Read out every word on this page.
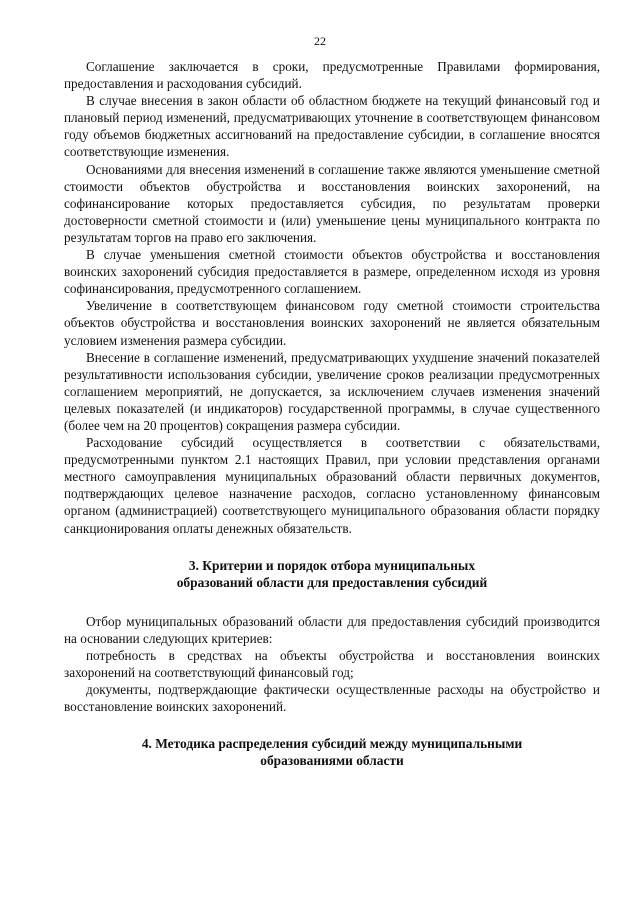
22

Соглашение заключается в сроки, предусмотренные Правилами формирования, предоставления и расходования субсидий.

В случае внесения в закон области об областном бюджете на текущий финансовый год и плановый период изменений, предусматривающих уточнение в соответствующем финансовом году объемов бюджетных ассигнований на предоставление субсидии, в соглашение вносятся соответствующие изменения.

Основаниями для внесения изменений в соглашение также являются уменьшение сметной стоимости объектов обустройства и восстановления воинских захоронений, на софинансирование которых предоставляется субсидия, по результатам проверки достоверности сметной стоимости и (или) уменьшение цены муниципального контракта по результатам торгов на право его заключения.

В случае уменьшения сметной стоимости объектов обустройства и восстановления воинских захоронений субсидия предоставляется в размере, определенном исходя из уровня софинансирования, предусмотренного соглашением.

Увеличение в соответствующем финансовом году сметной стоимости строительства объектов обустройства и восстановления воинских захоронений не является обязательным условием изменения размера субсидии.

Внесение в соглашение изменений, предусматривающих ухудшение значений показателей результативности использования субсидии, увеличение сроков реализации предусмотренных соглашением мероприятий, не допускается, за исключением случаев изменения значений целевых показателей (и индикаторов) государственной программы, в случае существенного (более чем на 20 процентов) сокращения размера субсидии.

Расходование субсидий осуществляется в соответствии с обязательствами, предусмотренными пунктом 2.1 настоящих Правил, при условии представления органами местного самоуправления муниципальных образований области первичных документов, подтверждающих целевое назначение расходов, согласно установленному финансовым органом (администрацией) соответствующего муниципального образования области порядку санкционирования оплаты денежных обязательств.

3. Критерии и порядок отбора муниципальных
образований области для предоставления субсидий

Отбор муниципальных образований области для предоставления субсидий производится на основании следующих критериев:

потребность в средствах на объекты обустройства и восстановления воинских захоронений на соответствующий финансовый год;

документы, подтверждающие фактически осуществленные расходы на обустройство и восстановление воинских захоронений.

4. Методика распределения субсидий между муниципальными
образованиями области
